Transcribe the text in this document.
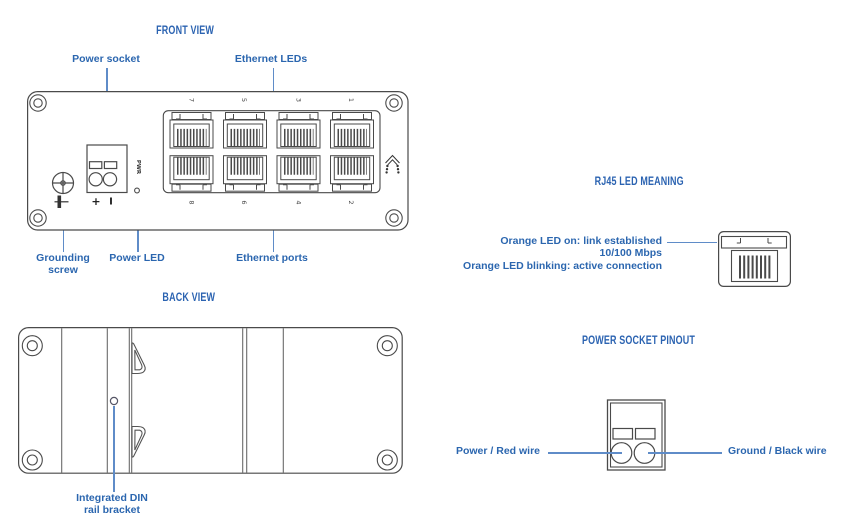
FRONT VIEW
Power socket	Ethernet LEDs
+ I
PWR
7	5	3	1
8	6	4	2
Grounding
screw
Power LED	Ethernet ports
BACK VIEW
Integrated DIN
rail bracket
RJ45 LED MEANING
Orange LED on: link established
10/100 Mbps
Orange LED blinking: active connection
POWER SOCKET PINOUT
Power / Red wire	Ground / Black wire
